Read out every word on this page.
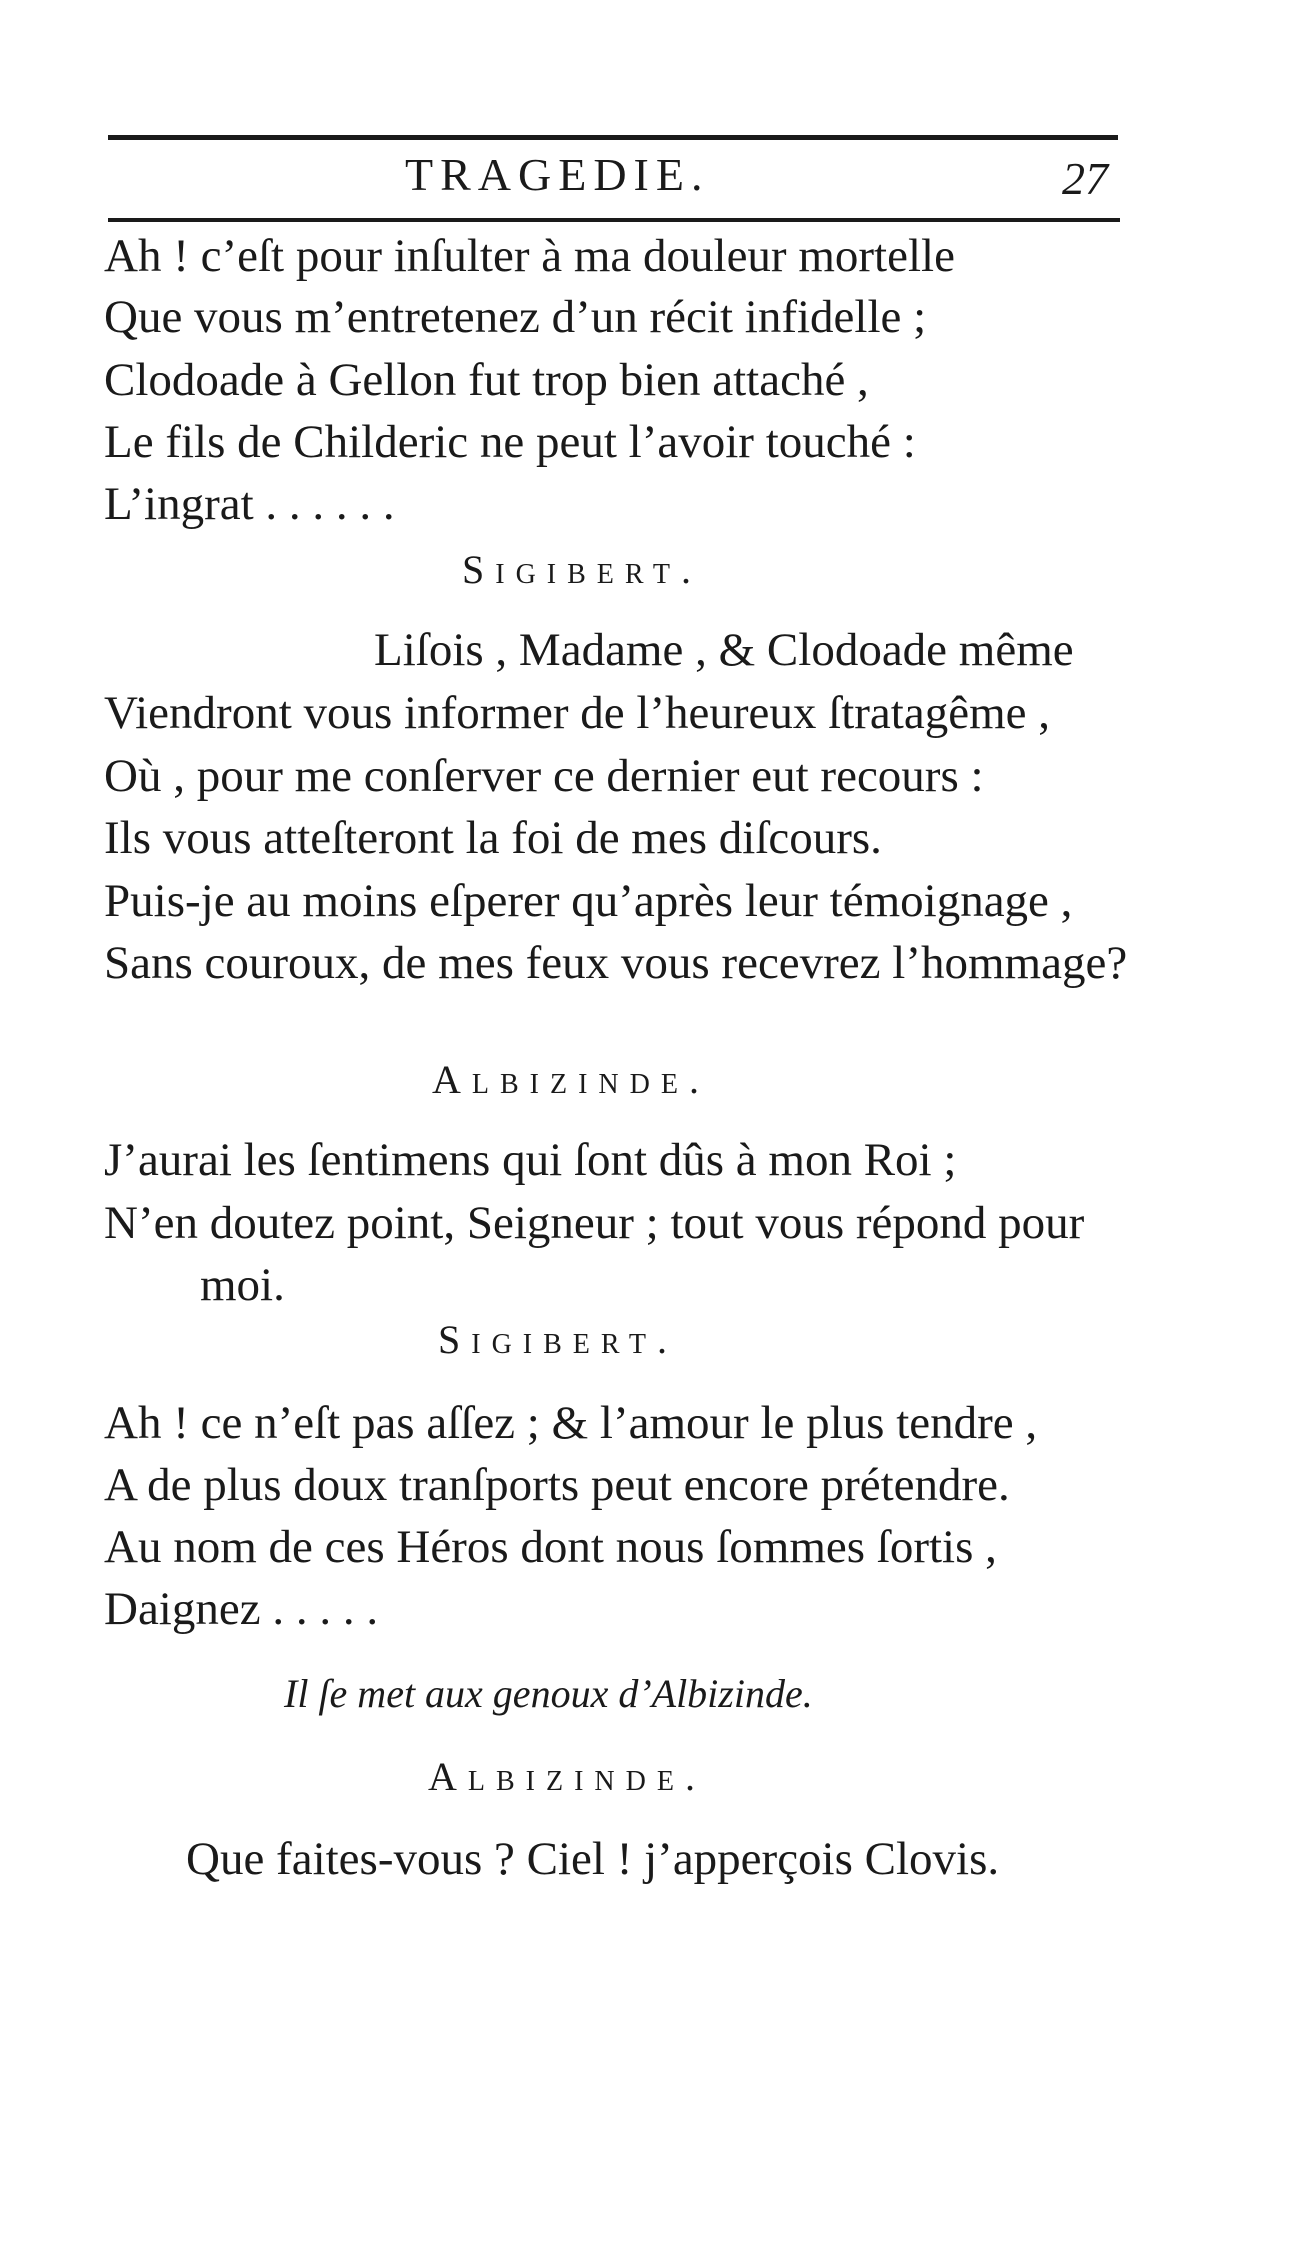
TRAGEDIE.	27
Ah ! c’eſt pour inſulter à ma douleur mortelle
Que vous m’entretenez d’un récit infidelle ;
Clodoade à Gellon fut trop bien attaché ,
Le fils de Childeric ne peut l’avoir touché :
L’ingrat . . . . . .
Sigibert.
Liſois , Madame , & Clodoade même
Viendront vous informer de l’heureux ſtratagême ,
Où , pour me conſerver ce dernier eut recours :
Ils vous atteſteront la foi de mes diſcours.
Puis-je au moins eſperer qu’après leur témoignage ,
Sans couroux, de mes feux vous recevrez l’hommage?
Albizinde.
J’aurai les ſentimens qui ſont dûs à mon Roi ;
N’en doutez point, Seigneur ; tout vous répond pour
moi.
Sigibert.
Ah ! ce n’eſt pas aſſez ; & l’amour le plus tendre ,
A de plus doux tranſports peut encore prétendre.
Au nom de ces Héros dont nous ſommes ſortis ,
Daignez . . . . .
Il ſe met aux genoux d’Albizinde.
Albizinde.
Que faites-vous ? Ciel ! j’apperçois Clovis.
